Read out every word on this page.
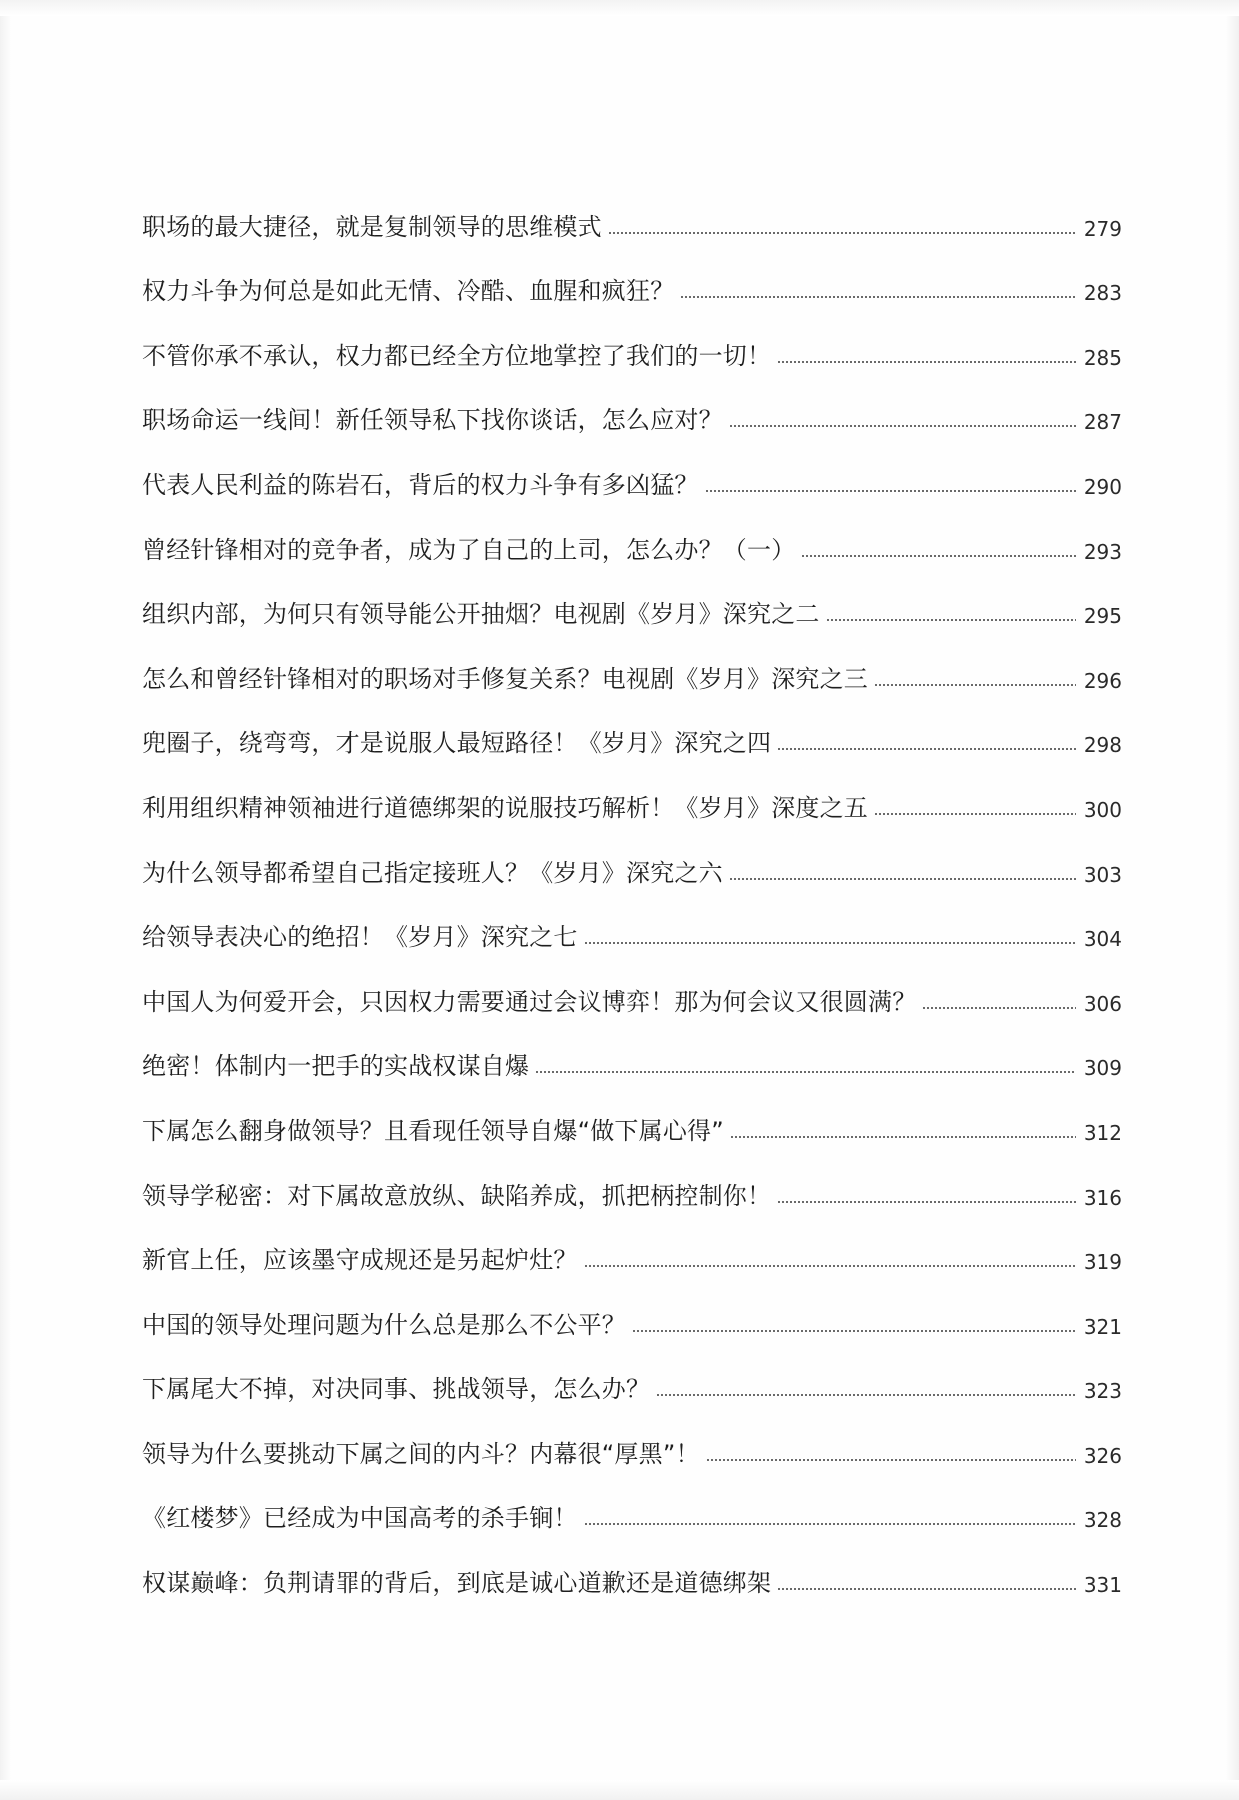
职场的最大捷径，就是复制领导的思维模式	279
权力斗争为何总是如此无情、冷酷、血腥和疯狂？	283
不管你承不承认，权力都已经全方位地掌控了我们的一切！	285
职场命运一线间！新任领导私下找你谈话，怎么应对？	287
代表人民利益的陈岩石，背后的权力斗争有多凶猛？	290
曾经针锋相对的竞争者，成为了自己的上司，怎么办？（一）	293
组织内部，为何只有领导能公开抽烟？电视剧《岁月》深究之二	295
怎么和曾经针锋相对的职场对手修复关系？电视剧《岁月》深究之三	296
兜圈子，绕弯弯，才是说服人最短路径！《岁月》深究之四	298
利用组织精神领袖进行道德绑架的说服技巧解析！《岁月》深度之五	300
为什么领导都希望自己指定接班人？《岁月》深究之六	303
给领导表决心的绝招！《岁月》深究之七	304
中国人为何爱开会，只因权力需要通过会议博弈！那为何会议又很圆满？	306
绝密！体制内一把手的实战权谋自爆	309
下属怎么翻身做领导？且看现任领导自爆“做下属心得”	312
领导学秘密：对下属故意放纵、缺陷养成，抓把柄控制你！	316
新官上任，应该墨守成规还是另起炉灶？	319
中国的领导处理问题为什么总是那么不公平？	321
下属尾大不掉，对决同事、挑战领导，怎么办？	323
领导为什么要挑动下属之间的内斗？内幕很“厚黑”！	326
《红楼梦》已经成为中国高考的杀手锏！	328
权谋巅峰：负荆请罪的背后，到底是诚心道歉还是道德绑架	331
